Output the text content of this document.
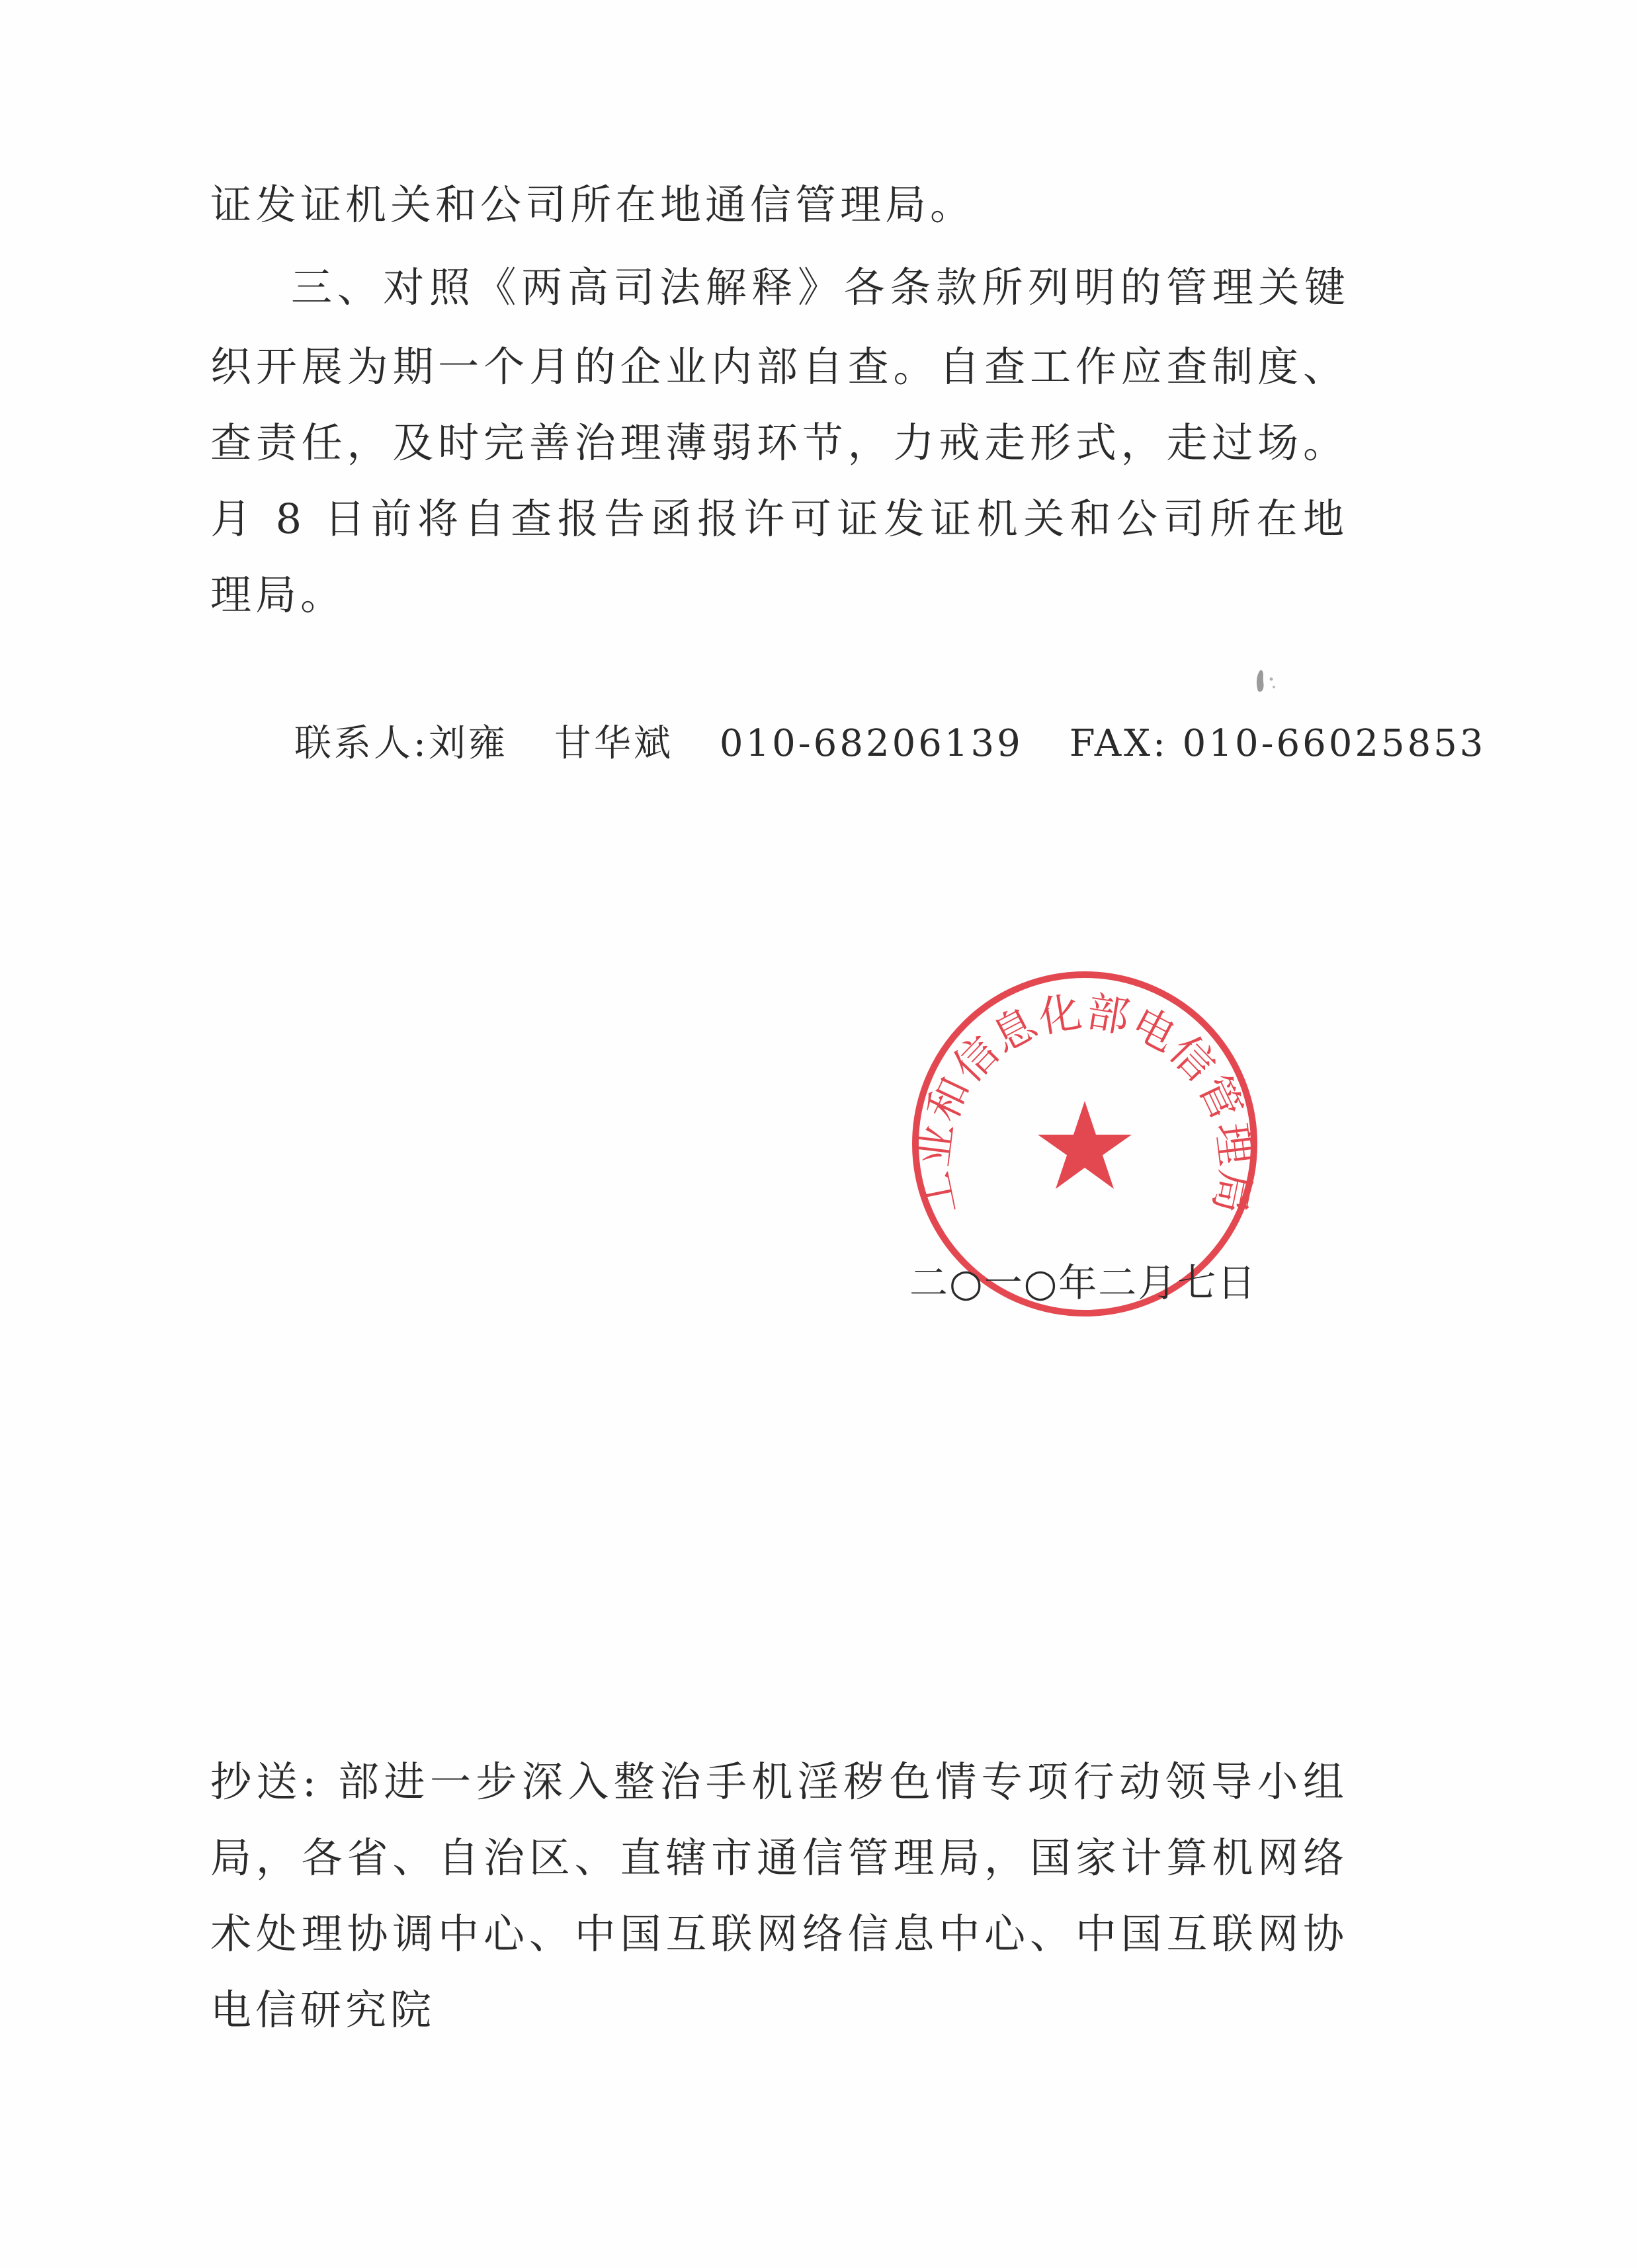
证发证机关和公司所在地通信管理局。
三、对照《两高司法解释》各条款所列明的管理关键
织开展为期一个月的企业内部自查。自查工作应查制度、
查责任，及时完善治理薄弱环节，力戒走形式，走过场。
月 8 日前将自查报告函报许可证发证机关和公司所在地
理局。
联系人:刘雍 甘华斌 010-68206139 FAX: 010-66025853
工业和信息化部电信管理局
二○一○年二月七日
抄送: 部进一步深入整治手机淫秽色情专项行动领导小组
局，各省、自治区、直辖市通信管理局，国家计算机网络
术处理协调中心、中国互联网络信息中心、中国互联网协
电信研究院
